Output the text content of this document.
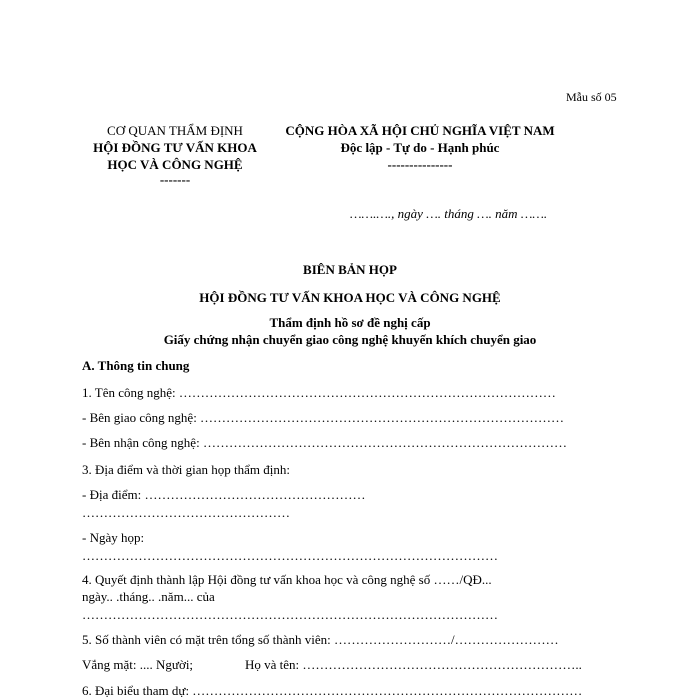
Mẫu số 05
CƠ QUAN THẨM ĐỊNH
HỘI ĐỒNG TƯ VẤN KHOA
HỌC VÀ CÔNG NGHỆ
-------
CỘNG HÒA XÃ HỘI CHỦ NGHĨA VIỆT NAM
Độc lập - Tự do - Hạnh phúc
---------------
…….…., ngày …. tháng …. năm …….
BIÊN BẢN HỌP
HỘI ĐỒNG TƯ VẤN KHOA HỌC VÀ CÔNG NGHỆ
Thẩm định hồ sơ đề nghị cấp
Giấy chứng nhận chuyển giao công nghệ khuyến khích chuyển giao
A. Thông tin chung
1. Tên công nghệ: ……………………………………………………………………………
- Bên giao công nghệ: …………………………………………………………………………
- Bên nhận công nghệ: …………………………………………………………………………
3. Địa điểm và thời gian họp thẩm định:
- Địa điểm: ……………………………………………
…………………………………………
- Ngày họp:
……………………………………………………………………………………
4. Quyết định thành lập Hội đồng tư vấn khoa học và công nghệ số ……/QĐ...
ngày.. .tháng.. .năm... của
……………………………………………………………………………………
5. Số thành viên có mặt trên tổng số thành viên: ………………………/……………………
Vắng mặt: .... Người;	Họ và tên: ………………………………………………………..
6. Đại biểu tham dự: ………………………………………………………………………………
